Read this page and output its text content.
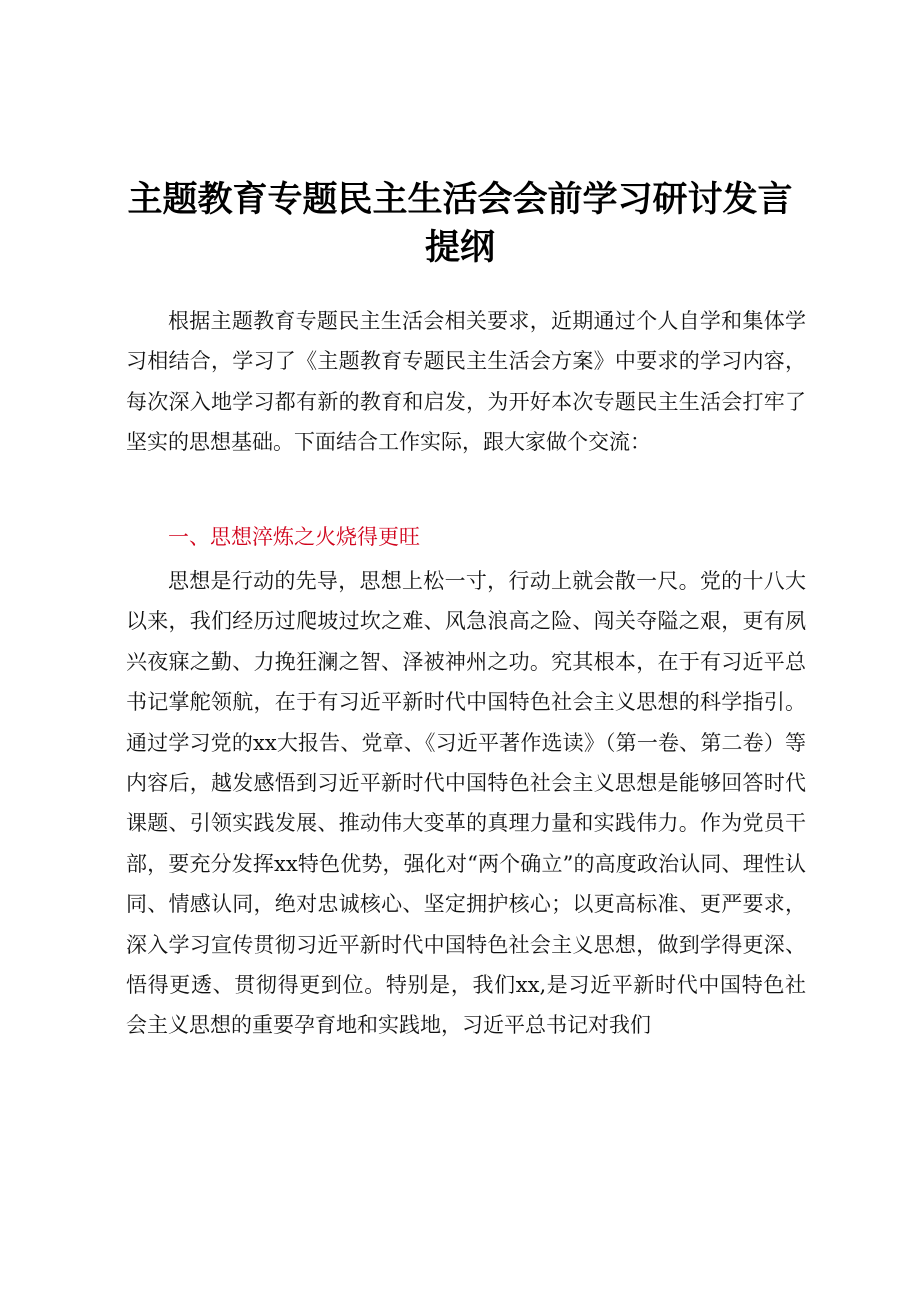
主题教育专题民主生活会会前学习研讨发言
提纲

根据主题教育专题民主生活会相关要求，近期通过个人自学和集体学习相结合，学习了《主题教育专题民主生活会方案》中要求的学习内容，每次深入地学习都有新的教育和启发，为开好本次专题民主生活会打牢了坚实的思想基础。下面结合工作实际，跟大家做个交流：

一、思想淬炼之火烧得更旺

思想是行动的先导，思想上松一寸，行动上就会散一尺。党的十八大以来，我们经历过爬坡过坎之难、风急浪高之险、闯关夺隘之艰，更有夙兴夜寐之勤、力挽狂澜之智、泽被神州之功。究其根本，在于有习近平总书记掌舵领航，在于有习近平新时代中国特色社会主义思想的科学指引。通过学习党的xx大报告、党章、《习近平著作选读》（第一卷、第二卷）等内容后，越发感悟到习近平新时代中国特色社会主义思想是能够回答时代课题、引领实践发展、推动伟大变革的真理力量和实践伟力。作为党员干部，要充分发挥xx特色优势，强化对“两个确立”的高度政治认同、理性认同、情感认同，绝对忠诚核心、坚定拥护核心；以更高标准、更严要求，深入学习宣传贯彻习近平新时代中国特色社会主义思想，做到学得更深、悟得更透、贯彻得更到位。特别是，我们xx,是习近平新时代中国特色社会主义思想的重要孕育地和实践地，习近平总书记对我们
